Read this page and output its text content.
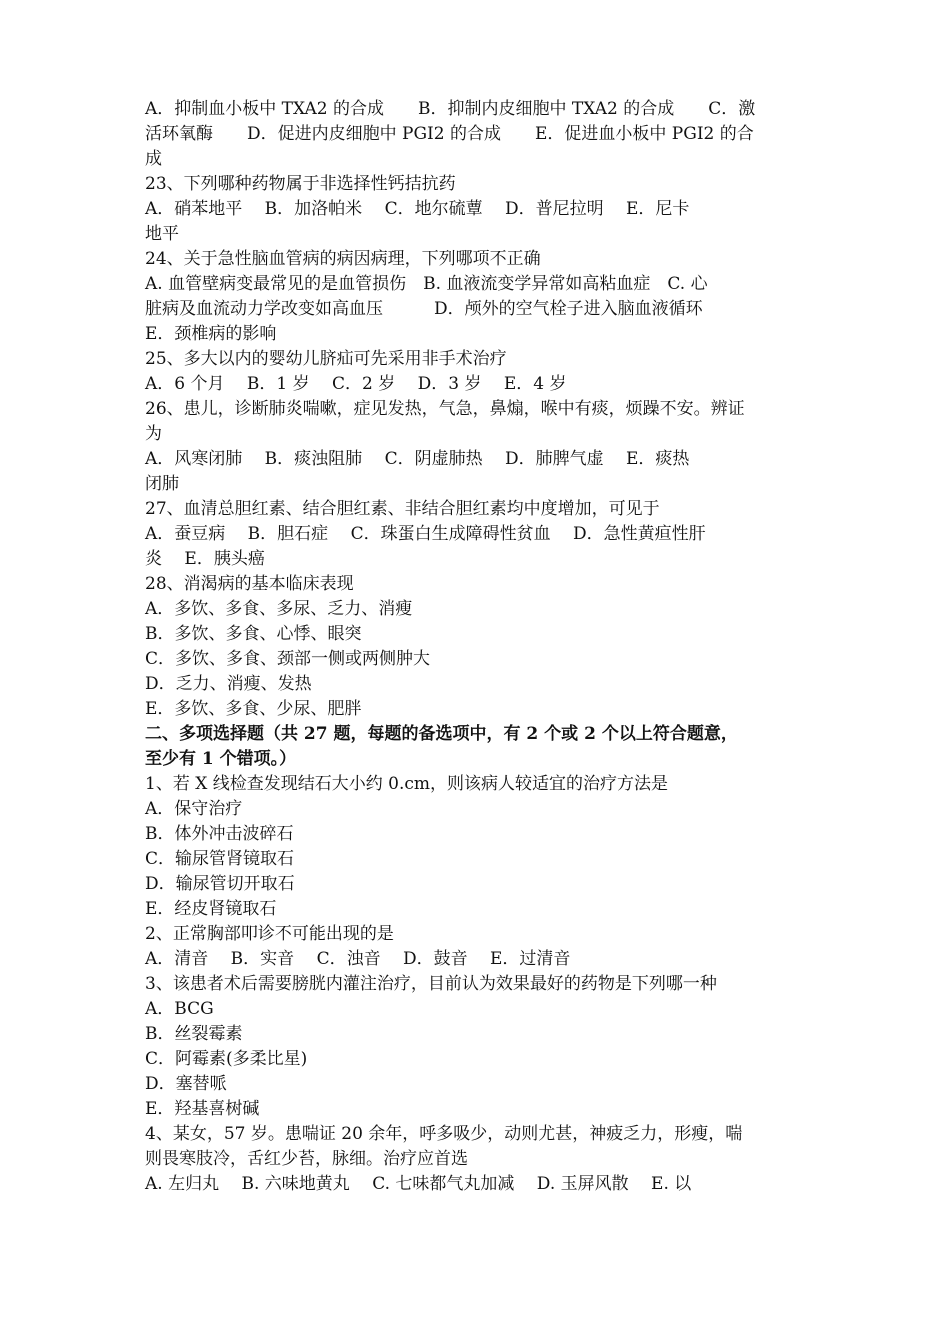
A．抑制血小板中 TXA2 的合成　　B．抑制内皮细胞中 TXA2 的合成　　C．激
活环氧酶　　D．促进内皮细胞中 PGI2 的合成　　E．促进血小板中 PGI2 的合
成
23、下列哪种药物属于非选择性钙拮抗药
A．硝苯地平　 B．加洛帕米　 C．地尔硫蕈　 D．普尼拉明　 E．尼卡
地平
24、关于急性脑血管病的病因病理，下列哪项不正确
A. 血管壁病变最常见的是血管损伤　B. 血液流变学异常如高粘血症　C. 心
脏病及血流动力学改变如高血压　　　D．颅外的空气栓子进入脑血液循环
E．颈椎病的影响
25、多大以内的婴幼儿脐疝可先采用非手术治疗
A．6 个月　 B．1 岁　 C．2 岁　 D．3 岁　 E．4 岁
26、患儿，诊断肺炎喘嗽，症见发热，气急，鼻煽，喉中有痰，烦躁不安。辨证
为
A．风寒闭肺　 B．痰浊阻肺　 C．阴虚肺热　 D．肺脾气虚　 E．痰热
闭肺
27、血清总胆红素、结合胆红素、非结合胆红素均中度增加，可见于
A．蚕豆病　 B．胆石症　 C．珠蛋白生成障碍性贫血　 D．急性黄疸性肝
炎　 E．胰头癌
28、消渴病的基本临床表现
A．多饮、多食、多尿、乏力、消瘦
B．多饮、多食、心悸、眼突
C．多饮、多食、颈部一侧或两侧肿大
D．乏力、消瘦、发热
E．多饮、多食、少尿、肥胖
二、多项选择题（共 27 题，每题的备选项中，有 2 个或 2 个以上符合题意，
至少有 1 个错项。）
1、若 X 线检查发现结石大小约 0.cm，则该病人较适宜的治疗方法是
A．保守治疗
B．体外冲击波碎石
C．输尿管肾镜取石
D．输尿管切开取石
E．经皮肾镜取石
2、正常胸部叩诊不可能出现的是
A．清音　 B．实音　 C．浊音　 D．鼓音　 E．过清音
3、该患者术后需要膀胱内灌注治疗，目前认为效果最好的药物是下列哪一种
A．BCG
B．丝裂霉素
C．阿霉素(多柔比星)
D．塞替哌
E．羟基喜树碱
4、某女，57 岁。患喘证 20 余年，呼多吸少，动则尤甚，神疲乏力，形瘦，喘
则畏寒肢冷，舌红少苔，脉细。治疗应首选
A. 左归丸　 B. 六味地黄丸　 C. 七味都气丸加减　 D. 玉屏风散　 E. 以
